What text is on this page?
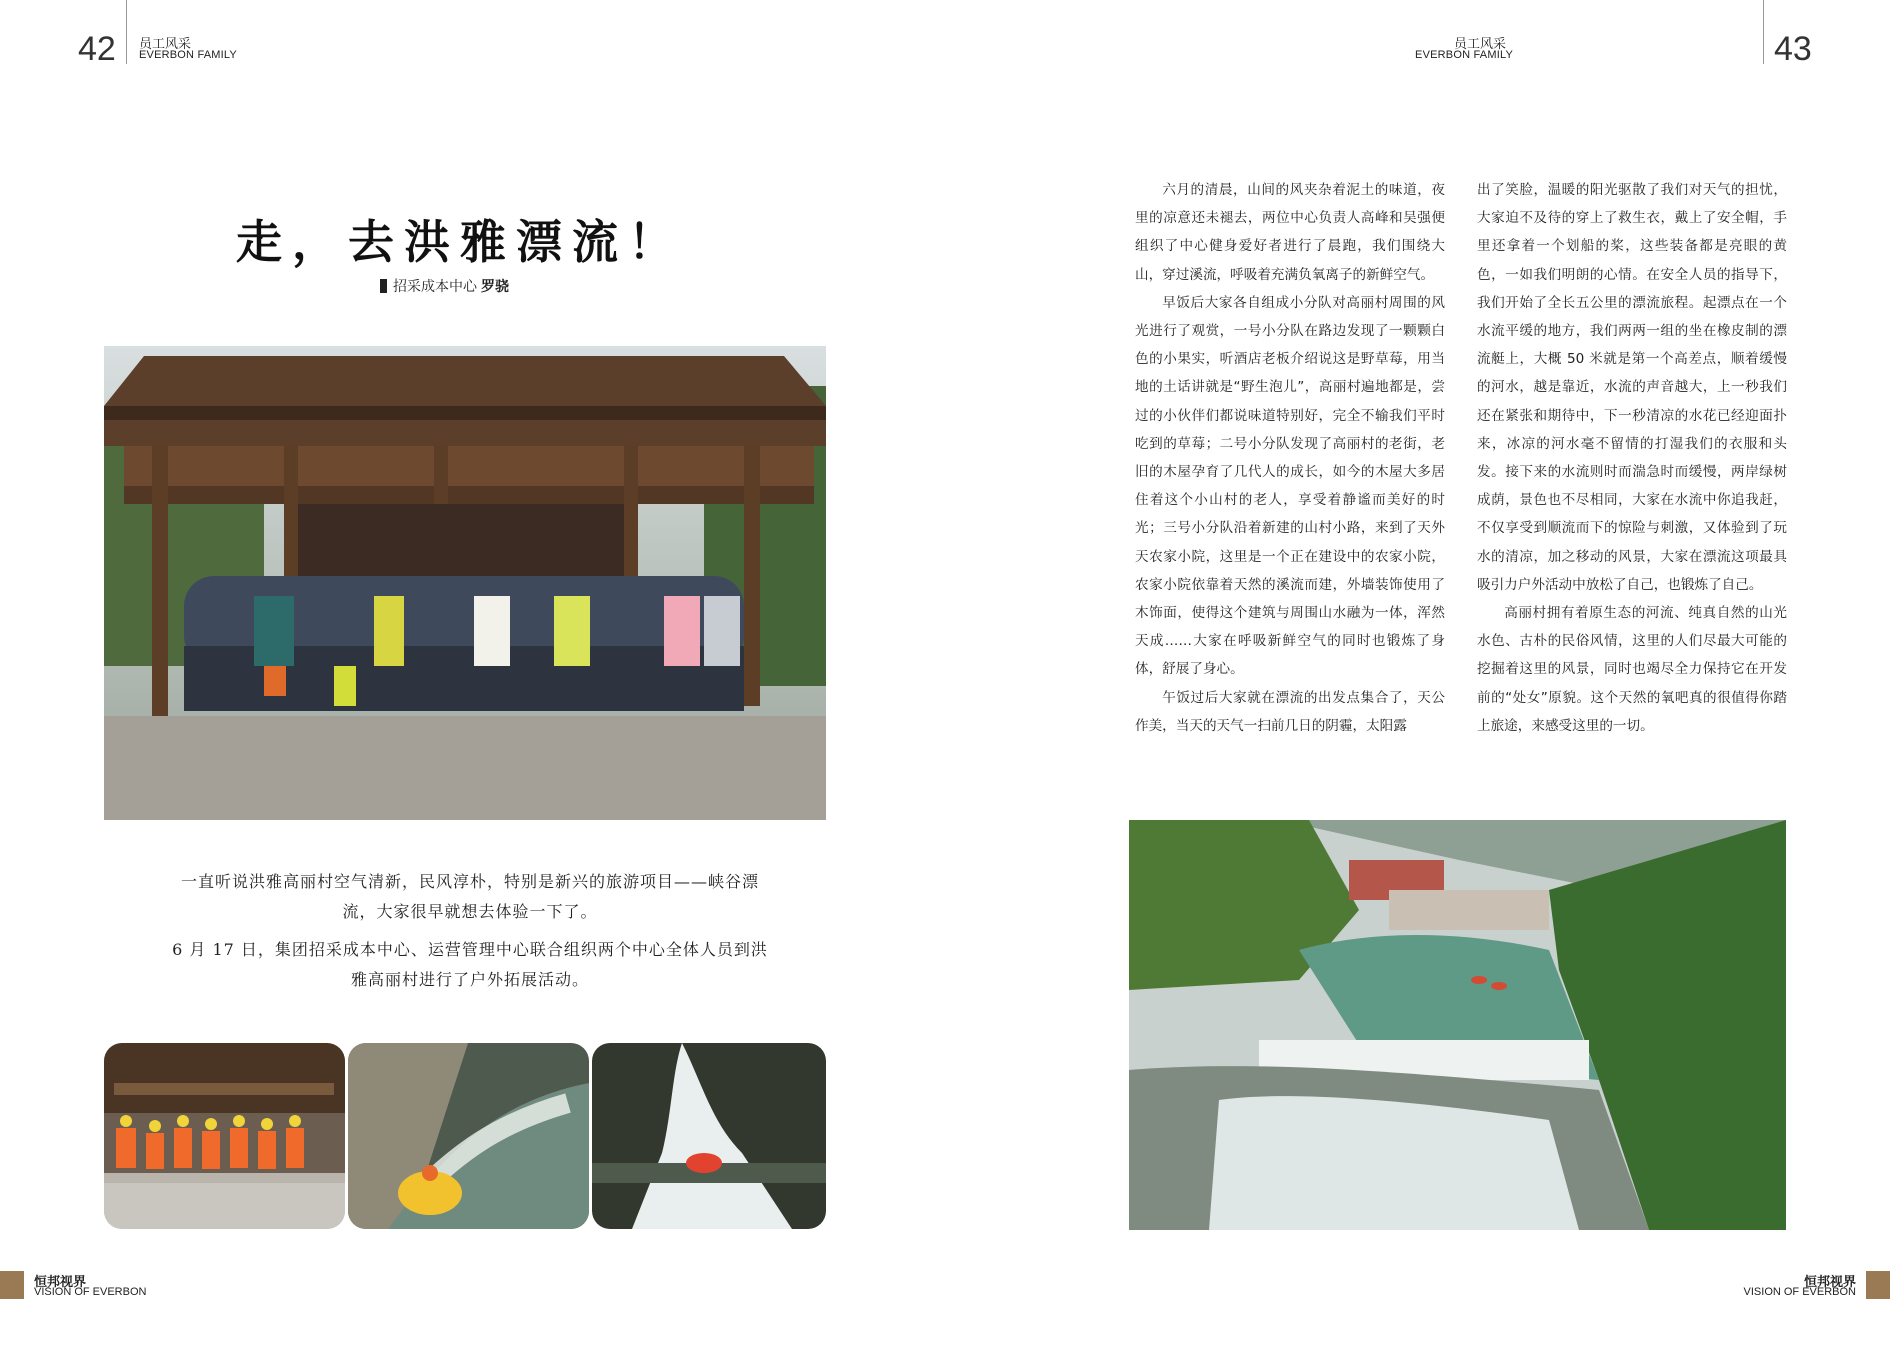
42 员工风采
EVERBON FAMILY
员工风采
EVERBON FAMILY	43
走，去洪雅漂流！
招采成本中心 罗骁
一直听说洪雅高丽村空气清新，民风淳朴，特别是新兴的旅游项目——峡谷漂流，大家很早就想去体验一下了。
6 月 17 日，集团招采成本中心、运营管理中心联合组织两个中心全体人员到洪雅高丽村进行了户外拓展活动。

六月的清晨，山间的风夹杂着泥土的味道，夜里的凉意还未褪去，两位中心负责人高峰和吴强便组织了中心健身爱好者进行了晨跑，我们围绕大山，穿过溪流，呼吸着充满负氧离子的新鲜空气。

早饭后大家各自组成小分队对高丽村周围的风光进行了观赏，一号小分队在路边发现了一颗颗白色的小果实，听酒店老板介绍说这是野草莓，用当地的土话讲就是“野生泡儿”，高丽村遍地都是，尝过的小伙伴们都说味道特别好，完全不输我们平时吃到的草莓；二号小分队发现了高丽村的老街，老旧的木屋孕育了几代人的成长，如今的木屋大多居住着这个小山村的老人，享受着静谧而美好的时光；三号小分队沿着新建的山村小路，来到了天外天农家小院，这里是一个正在建设中的农家小院，农家小院依靠着天然的溪流而建，外墙装饰使用了木饰面，使得这个建筑与周围山水融为一体，浑然天成……大家在呼吸新鲜空气的同时也锻炼了身体，舒展了身心。

午饭过后大家就在漂流的出发点集合了，天公作美，当天的天气一扫前几日的阴霾，太阳露

出了笑脸，温暖的阳光驱散了我们对天气的担忧，大家迫不及待的穿上了救生衣，戴上了安全帽，手里还拿着一个划船的桨，这些装备都是亮眼的黄色，一如我们明朗的心情。在安全人员的指导下，我们开始了全长五公里的漂流旅程。起漂点在一个水流平缓的地方，我们两两一组的坐在橡皮制的漂流艇上，大概 50 米就是第一个高差点，顺着缓慢的河水，越是靠近，水流的声音越大，上一秒我们还在紧张和期待中，下一秒清凉的水花已经迎面扑来，冰凉的河水毫不留情的打湿我们的衣服和头发。接下来的水流则时而湍急时而缓慢，两岸绿树成荫，景色也不尽相同，大家在水流中你追我赶，不仅享受到顺流而下的惊险与刺激，又体验到了玩水的清凉，加之移动的风景，大家在漂流这项最具吸引力户外活动中放松了自己，也锻炼了自己。

高丽村拥有着原生态的河流、纯真自然的山光水色、古朴的民俗风情，这里的人们尽最大可能的挖掘着这里的风景，同时也竭尽全力保持它在开发前的“处女”原貌。这个天然的氧吧真的很值得你踏上旅途，来感受这里的一切。

恒邦视界
VISION OF EVERBON
恒邦视界
VISION OF EVERBON
